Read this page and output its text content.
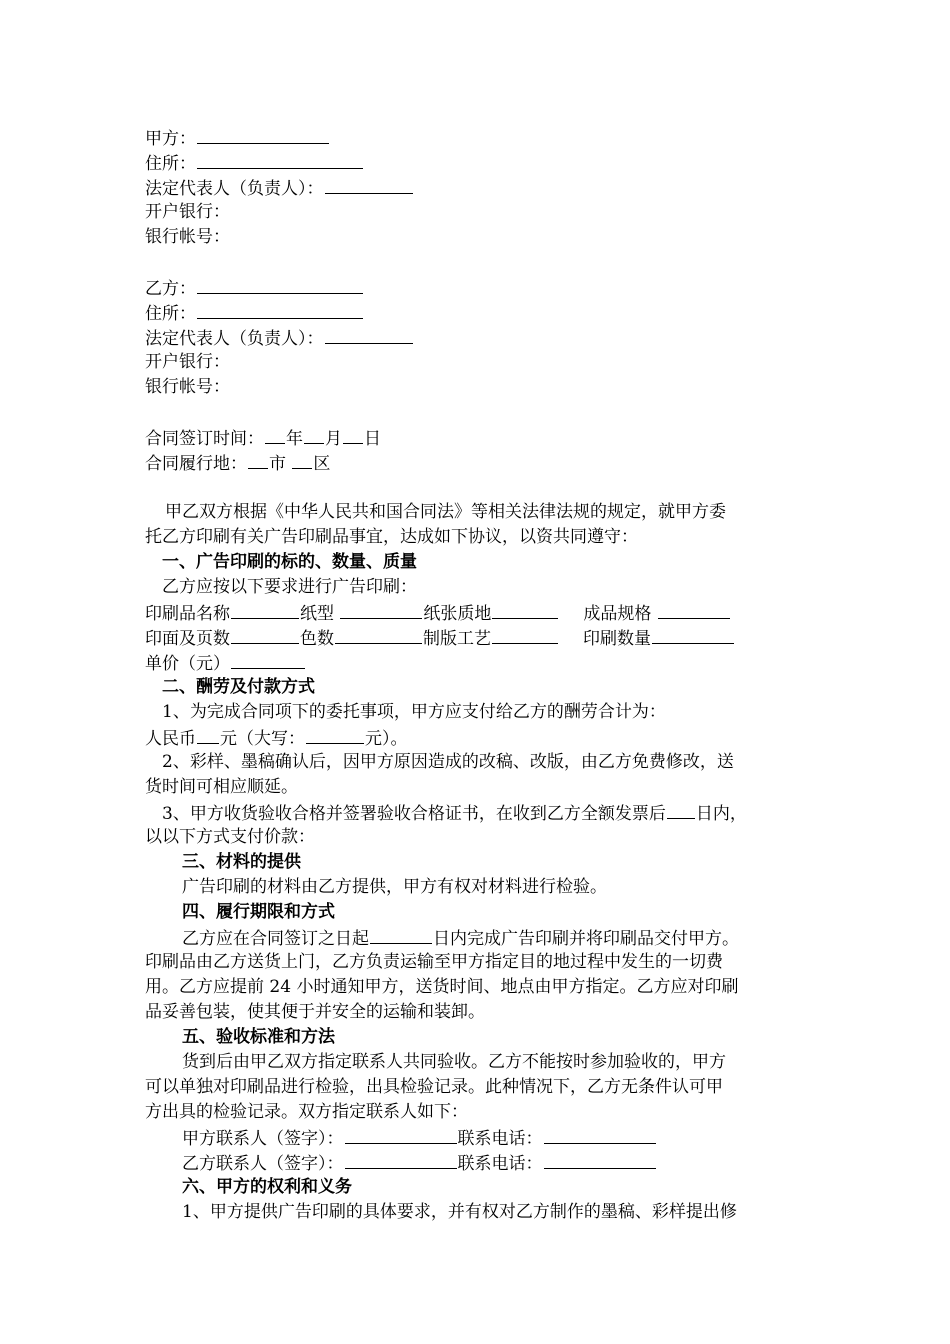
甲方：
住所：
法定代表人（负责人）：
开户银行：
银行帐号：
乙方：
住所：
法定代表人（负责人）：
开户银行：
银行帐号：
合同签订时间： 年 月 日
合同履行地： 市 区
甲乙双方根据《中华人民共和国合同法》等相关法律法规的规定，就甲方委
托乙方印刷有关广告印刷品事宜，达成如下协议，以资共同遵守：
一、广告印刷的标的、数量、质量
乙方应按以下要求进行广告印刷：
印刷品名称	纸型	纸张质地	成品规格
印面及页数	色数	制版工艺	印刷数量
单价（元）
二、酬劳及付款方式
1、为完成合同项下的委托事项，甲方应支付给乙方的酬劳合计为：
人民币 元（大写：	元）。
2、彩样、墨稿确认后，因甲方原因造成的改稿、改版，由乙方免费修改，送
货时间可相应顺延。
3、甲方收货验收合格并签署验收合格证书，在收到乙方全额发票后 日内，
以以下方式支付价款：
三、材料的提供
广告印刷的材料由乙方提供，甲方有权对材料进行检验。
四、履行期限和方式
乙方应在合同签订之日起	日内完成广告印刷并将印刷品交付甲方。
印刷品由乙方送货上门，乙方负责运输至甲方指定目的地过程中发生的一切费
用。乙方应提前 24 小时通知甲方，送货时间、地点由甲方指定。乙方应对印刷
品妥善包装，使其便于并安全的运输和装卸。
五、验收标准和方法
货到后由甲乙双方指定联系人共同验收。乙方不能按时参加验收的，甲方
可以单独对印刷品进行检验，出具检验记录。此种情况下，乙方无条件认可甲
方出具的检验记录。双方指定联系人如下：
甲方联系人（签字）：	联系电话：
乙方联系人（签字）：	联系电话：
六、甲方的权利和义务
1、甲方提供广告印刷的具体要求，并有权对乙方制作的墨稿、彩样提出修
